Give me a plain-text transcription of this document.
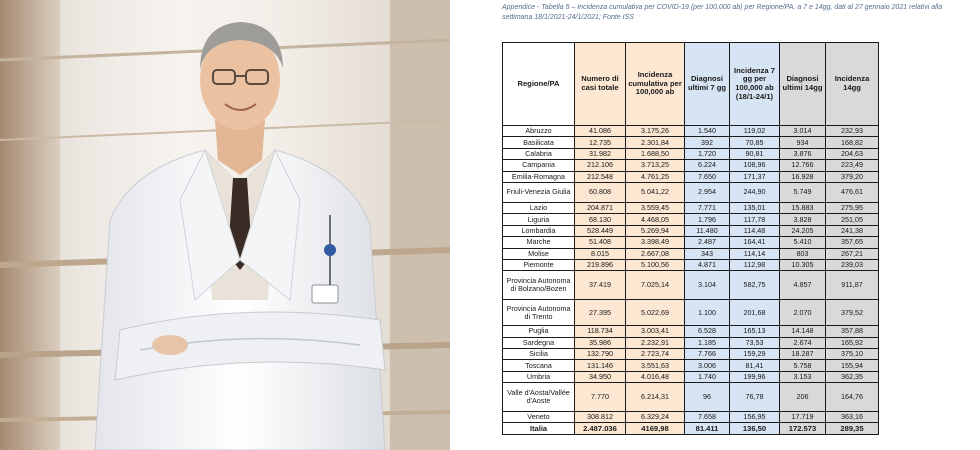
Appendice - Tabella 5 – Incidenza cumulativa per COVID-19 (per 100,000 ab) per Regione/PA, a 7 e 14gg, dati al 27 gennaio 2021 relativi alla settimana 18/1/2021-24/1/2021; Fonte ISS
Regione/PA	Numero di casi totale	Incidenza cumulativa per 100,000 ab	Diagnosi ultimi 7 gg	Incidenza 7 gg per 100,000 ab (18/1-24/1)	Diagnosi ultimi 14gg	Incidenza 14gg
Abruzzo	41.086	3.175,26	1.540	119,02	3.014	232,93
Basilicata	12.735	2.301,84	392	70,85	934	168,82
Calabria	31.982	1.688,50	1.720	90,81	3.876	204,63
Campania	212.106	3.713,25	6.224	108,96	12.766	223,49
Emilia-Romagna	212.548	4.761,25	7.650	171,37	16.928	379,20
Friuli-Venezia Giulia	60.808	5.041,22	2.954	244,90	5.749	476,61
Lazio	204.871	3.559,45	7.771	135,01	15.883	275,95
Liguria	68.130	4.468,05	1.796	117,78	3.828	251,05
Lombardia	528.449	5.269,94	11.480	114,48	24.205	241,38
Marche	51.408	3.398,49	2.487	164,41	5.410	357,65
Molise	8.015	2.667,08	343	114,14	803	267,21
Piemonte	219.896	5.100,56	4.871	112,98	10.305	239,03
Provincia Autonoma di Bolzano/Bozen	37.419	7.025,14	3.104	582,75	4.857	911,87
Provincia Autonoma di Trento	27.395	5.022,69	1.100	201,68	2.070	379,52
Puglia	118.734	3.003,41	6.528	165,13	14.148	357,88
Sardegna	35.986	2.232,91	1.185	73,53	2.674	165,92
Sicilia	132.790	2.723,74	7.766	159,29	18.287	375,10
Toscana	131.146	3.551,63	3.006	81,41	5.758	155,94
Umbria	34.950	4.016,48	1.740	199,96	3.153	362,35
Valle d'Aosta/Vallée d'Aoste	7.770	6.214,31	96	76,78	206	164,76
Veneto	308.812	6.329,24	7.658	156,95	17.719	363,16
Italia	2.487.036	4169,98	81.411	136,50	172.573	289,35
